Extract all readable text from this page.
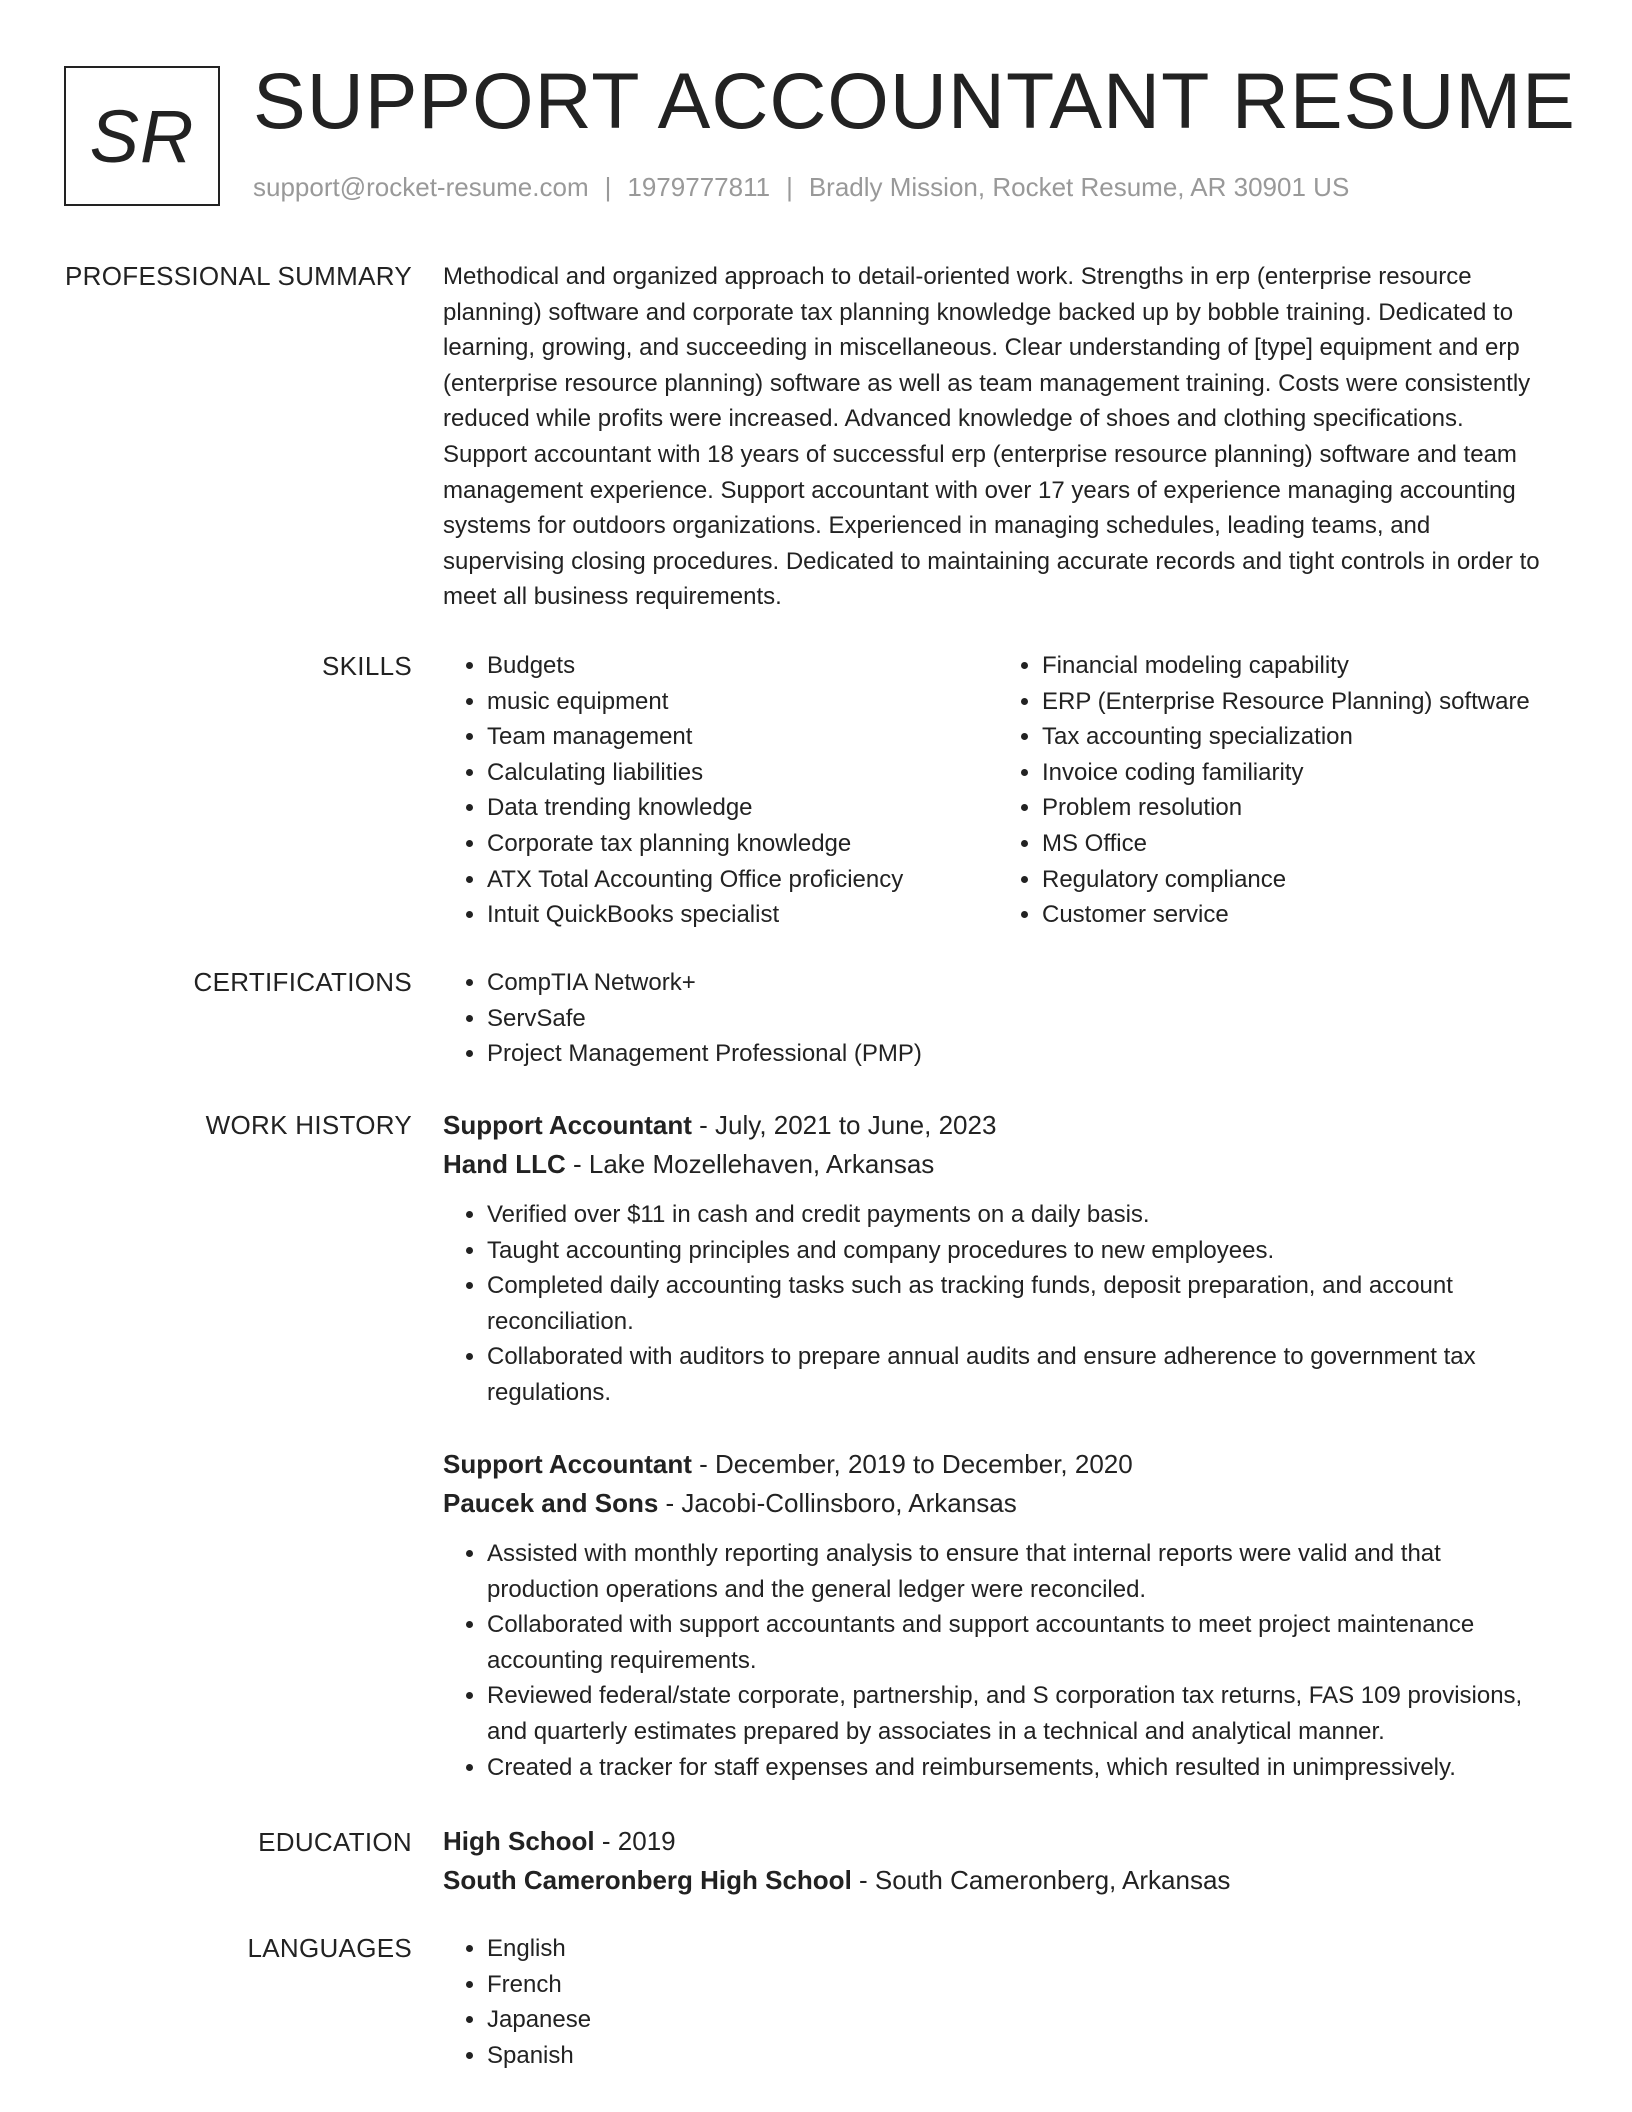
SR SUPPORT ACCOUNTANT RESUME
support@rocket-resume.com | 1979777811 | Bradly Mission, Rocket Resume, AR 30901 US
PROFESSIONAL SUMMARY Methodical and organized approach to detail-oriented work. Strengths in erp (enterprise resource planning) software and corporate tax planning knowledge backed up by bobble training. Dedicated to learning, growing, and succeeding in miscellaneous. Clear understanding of [type] equipment and erp (enterprise resource planning) software as well as team management training. Costs were consistently reduced while profits were increased. Advanced knowledge of shoes and clothing specifications. Support accountant with 18 years of successful erp (enterprise resource planning) software and team management experience. Support accountant with over 17 years of experience managing accounting systems for outdoors organizations. Experienced in managing schedules, leading teams, and supervising closing procedures. Dedicated to maintaining accurate records and tight controls in order to meet all business requirements.

SKILLS	• Budgets
• music equipment
• Team management
• Calculating liabilities
• Data trending knowledge
• Corporate tax planning knowledge
• ATX Total Accounting Office proficiency
• Intuit QuickBooks specialist
• Financial modeling capability
• ERP (Enterprise Resource Planning) software
• Tax accounting specialization
• Invoice coding familiarity
• Problem resolution
• MS Office
• Regulatory compliance
• Customer service
CERTIFICATIONS	• CompTIA Network+
• ServSafe
• Project Management Professional (PMP)
WORK HISTORY Support Accountant - July, 2021 to June, 2023
Hand LLC - Lake Mozellehaven, Arkansas
• Verified over $11 in cash and credit payments on a daily basis.
• Taught accounting principles and company procedures to new employees.
• Completed daily accounting tasks such as tracking funds, deposit preparation, and account reconciliation.
• Collaborated with auditors to prepare annual audits and ensure adherence to government tax regulations.
Support Accountant - December, 2019 to December, 2020
Paucek and Sons - Jacobi-Collinsboro, Arkansas
• Assisted with monthly reporting analysis to ensure that internal reports were valid and that production operations and the general ledger were reconciled.
• Collaborated with support accountants and support accountants to meet project maintenance accounting requirements.
• Reviewed federal/state corporate, partnership, and S corporation tax returns, FAS 109 provisions, and quarterly estimates prepared by associates in a technical and analytical manner.
• Created a tracker for staff expenses and reimbursements, which resulted in unimpressively.
EDUCATION High School - 2019
South Cameronberg High School - South Cameronberg, Arkansas
LANGUAGES	• English
• French
• Japanese
• Spanish
